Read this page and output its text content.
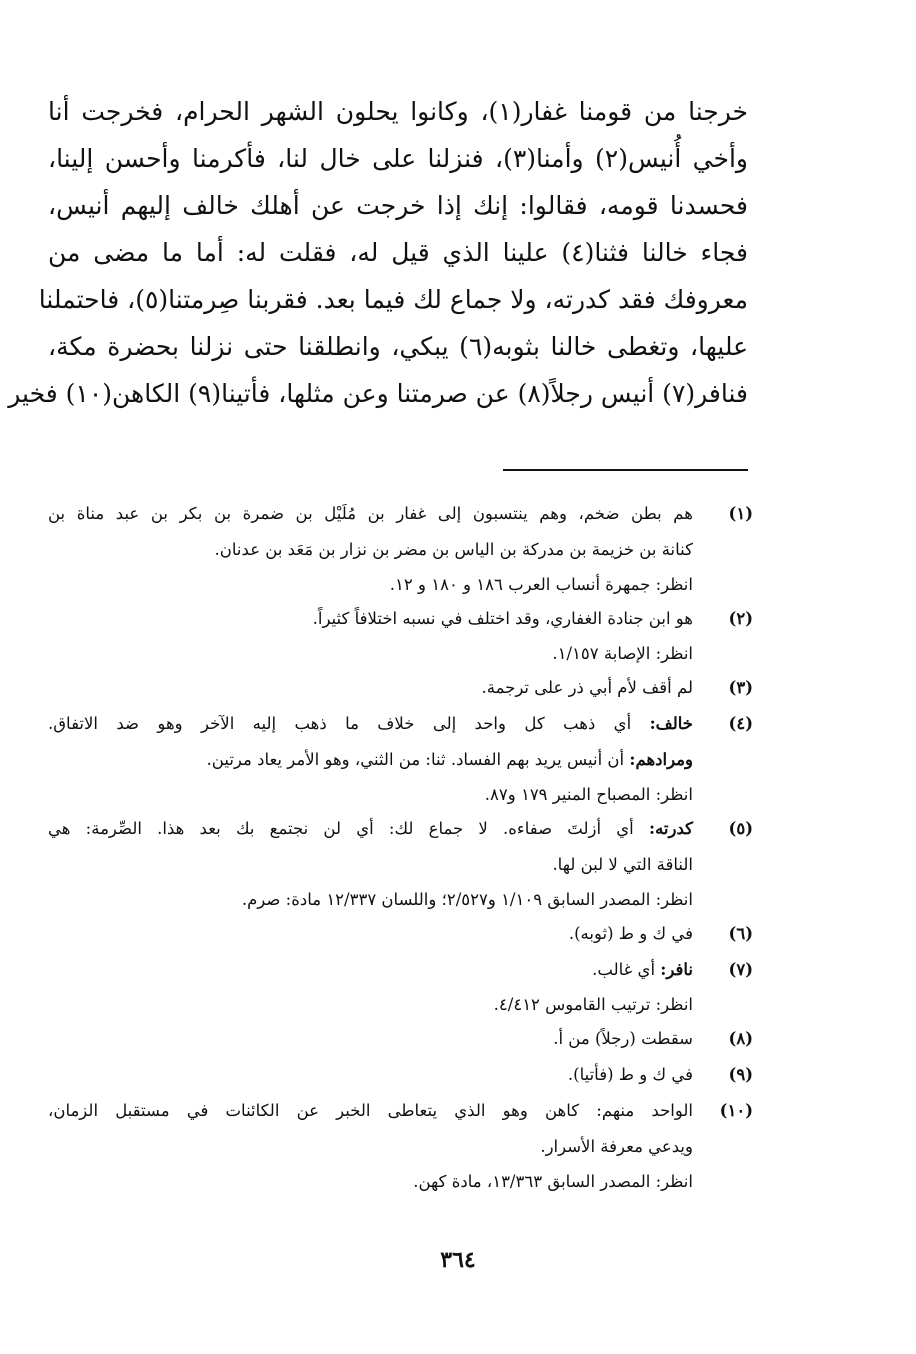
خرجنا من قومنا غفار(١)، وكانوا يحلون الشهر الحرام، فخرجت أنا
وأخي أُنيس(٢) وأمنا(٣)، فنزلنا على خال لنا، فأكرمنا وأحسن إلينا،
فحسدنا قومه، فقالوا: إنك إذا خرجت عن أهلك خالف إليهم أنيس،
فجاء خالنا فثنا(٤) علينا الذي قيل له، فقلت له: أما ما مضى من
معروفك فقد كدرته، ولا جماع لك فيما بعد. فقربنا صِرمتنا(٥)، فاحتملنا
عليها، وتغطى خالنا بثوبه(٦) يبكي، وانطلقنا حتى نزلنا بحضرة مكة،
فنافر(٧) أنيس رجلاً(٨) عن صرمتنا وعن مثلها، فأتينا(٩) الكاهن(١٠) فخير
(١)
هم بطن ضخم، وهم ينتسبون إلى غفار بن مُلَيْل بن ضمرة بن بكر بن عبد مناة بن
كنانة بن خزيمة بن مدركة بن الياس بن مضر بن نزار بن مَعَد بن عدنان.
انظر: جمهرة أنساب العرب ١٨٦ و ١٨٠ و ١٢.
(٢)
هو ابن جنادة الغفاري، وقد اختلف في نسبه اختلافاً كثيراً.
انظر: الإصابة ١/١٥٧.
(٣)
لم أقف لأم أبي ذر على ترجمة.
(٤)
خالف: أي ذهب كل واحد إلى خلاف ما ذهب إليه الآخر وهو ضد الاتفاق.
ومرادهم: أن أنيس يريد بهم الفساد. ثنا: من الثني، وهو الأمر يعاد مرتين.
انظر: المصباح المنير ١٧٩ و٨٧.
(٥)
كدرته: أي أزلتَ صفاءه. لا جماع لك: أي لن نجتمع بك بعد هذا. الصِّرمة: هي
الناقة التي لا لبن لها.
انظر: المصدر السابق ١/١٠٩ و٢/٥٢٧؛ واللسان ١٢/٣٣٧ مادة: صرم.
(٦)
في ك و ط (ثوبه).
(٧)
نافر: أي غالب.
انظر: ترتيب القاموس ٤/٤١٢.
(٨)
سقطت (رجلاً) من أ.
(٩)
في ك و ط (فأتيا).
(١٠)
الواحد منهم: كاهن وهو الذي يتعاطى الخبر عن الكائنات في مستقبل الزمان،
ويدعي معرفة الأسرار.
انظر: المصدر السابق ١٣/٣٦٣، مادة كهن.
٣٦٤
